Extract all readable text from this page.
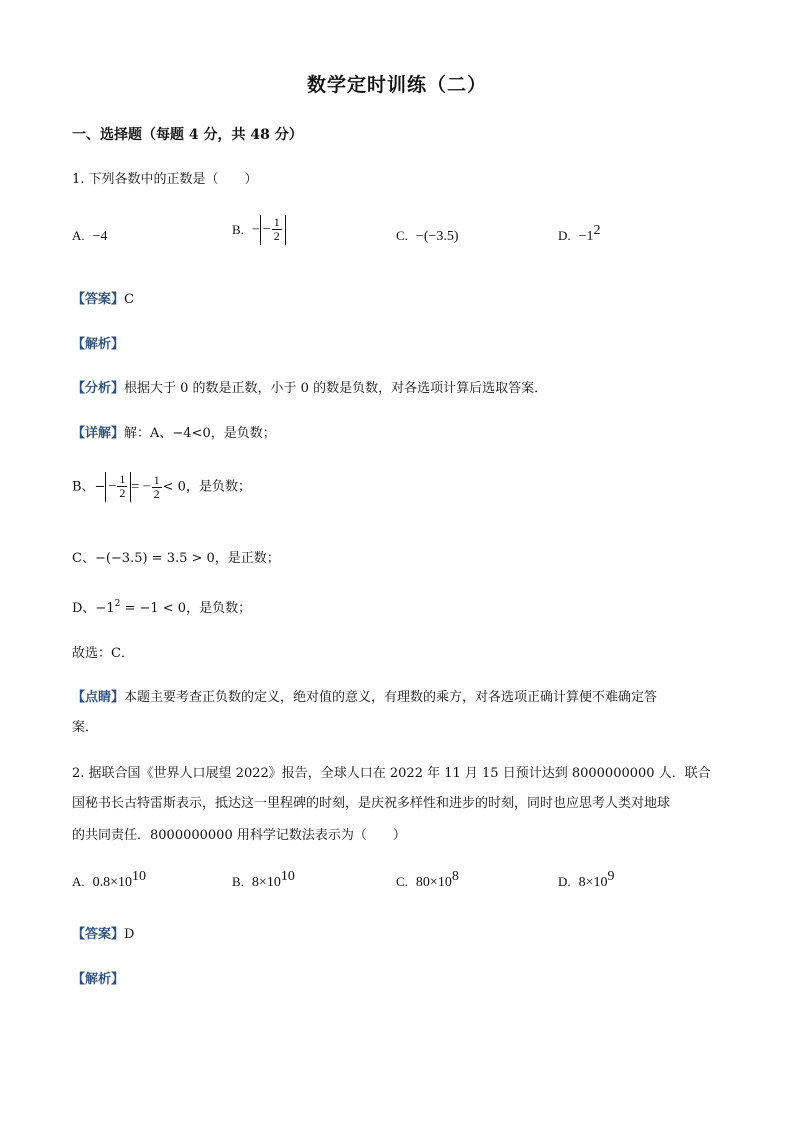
数学定时训练（二）
一、选择题（每题 4 分，共 48 分）
1. 下列各数中的正数是（　　）
A. −4	B. − − $\frac{1}{2}$	C. −(−3.5)	D. $-1^2$
【答案】C
【解析】
【分析】根据大于 0 的数是正数，小于 0 的数是负数，对各选项计算后选取答案．
【详解】解：A、−4<0，是负数；
B、− − $\frac{1}{2}$ = − $\frac{1}{2} < 0$，是负数；
C、−(−3.5) = 3.5 > 0，是正数；
D、$-1^2 = -1 < 0$，是负数；
故选：C．
【点睛】本题主要考查正负数的定义，绝对值的意义，有理数的乘方，对各选项正确计算便不难确定答
案．
2. 据联合国《世界人口展望 2022》报告，全球人口在 2022 年 11 月 15 日预计达到 8000000000 人．联合
国秘书长古特雷斯表示，抵达这一里程碑的时刻，是庆祝多样性和进步的时刻，同时也应思考人类对地球
的共同责任．8000000000 用科学记数法表示为（　　）
A. $0.8\times 10^{10}$	B. $8\times 10^{10}$	C. $80\times 10^8$	D. $8\times 10^9$
【答案】D
【解析】
